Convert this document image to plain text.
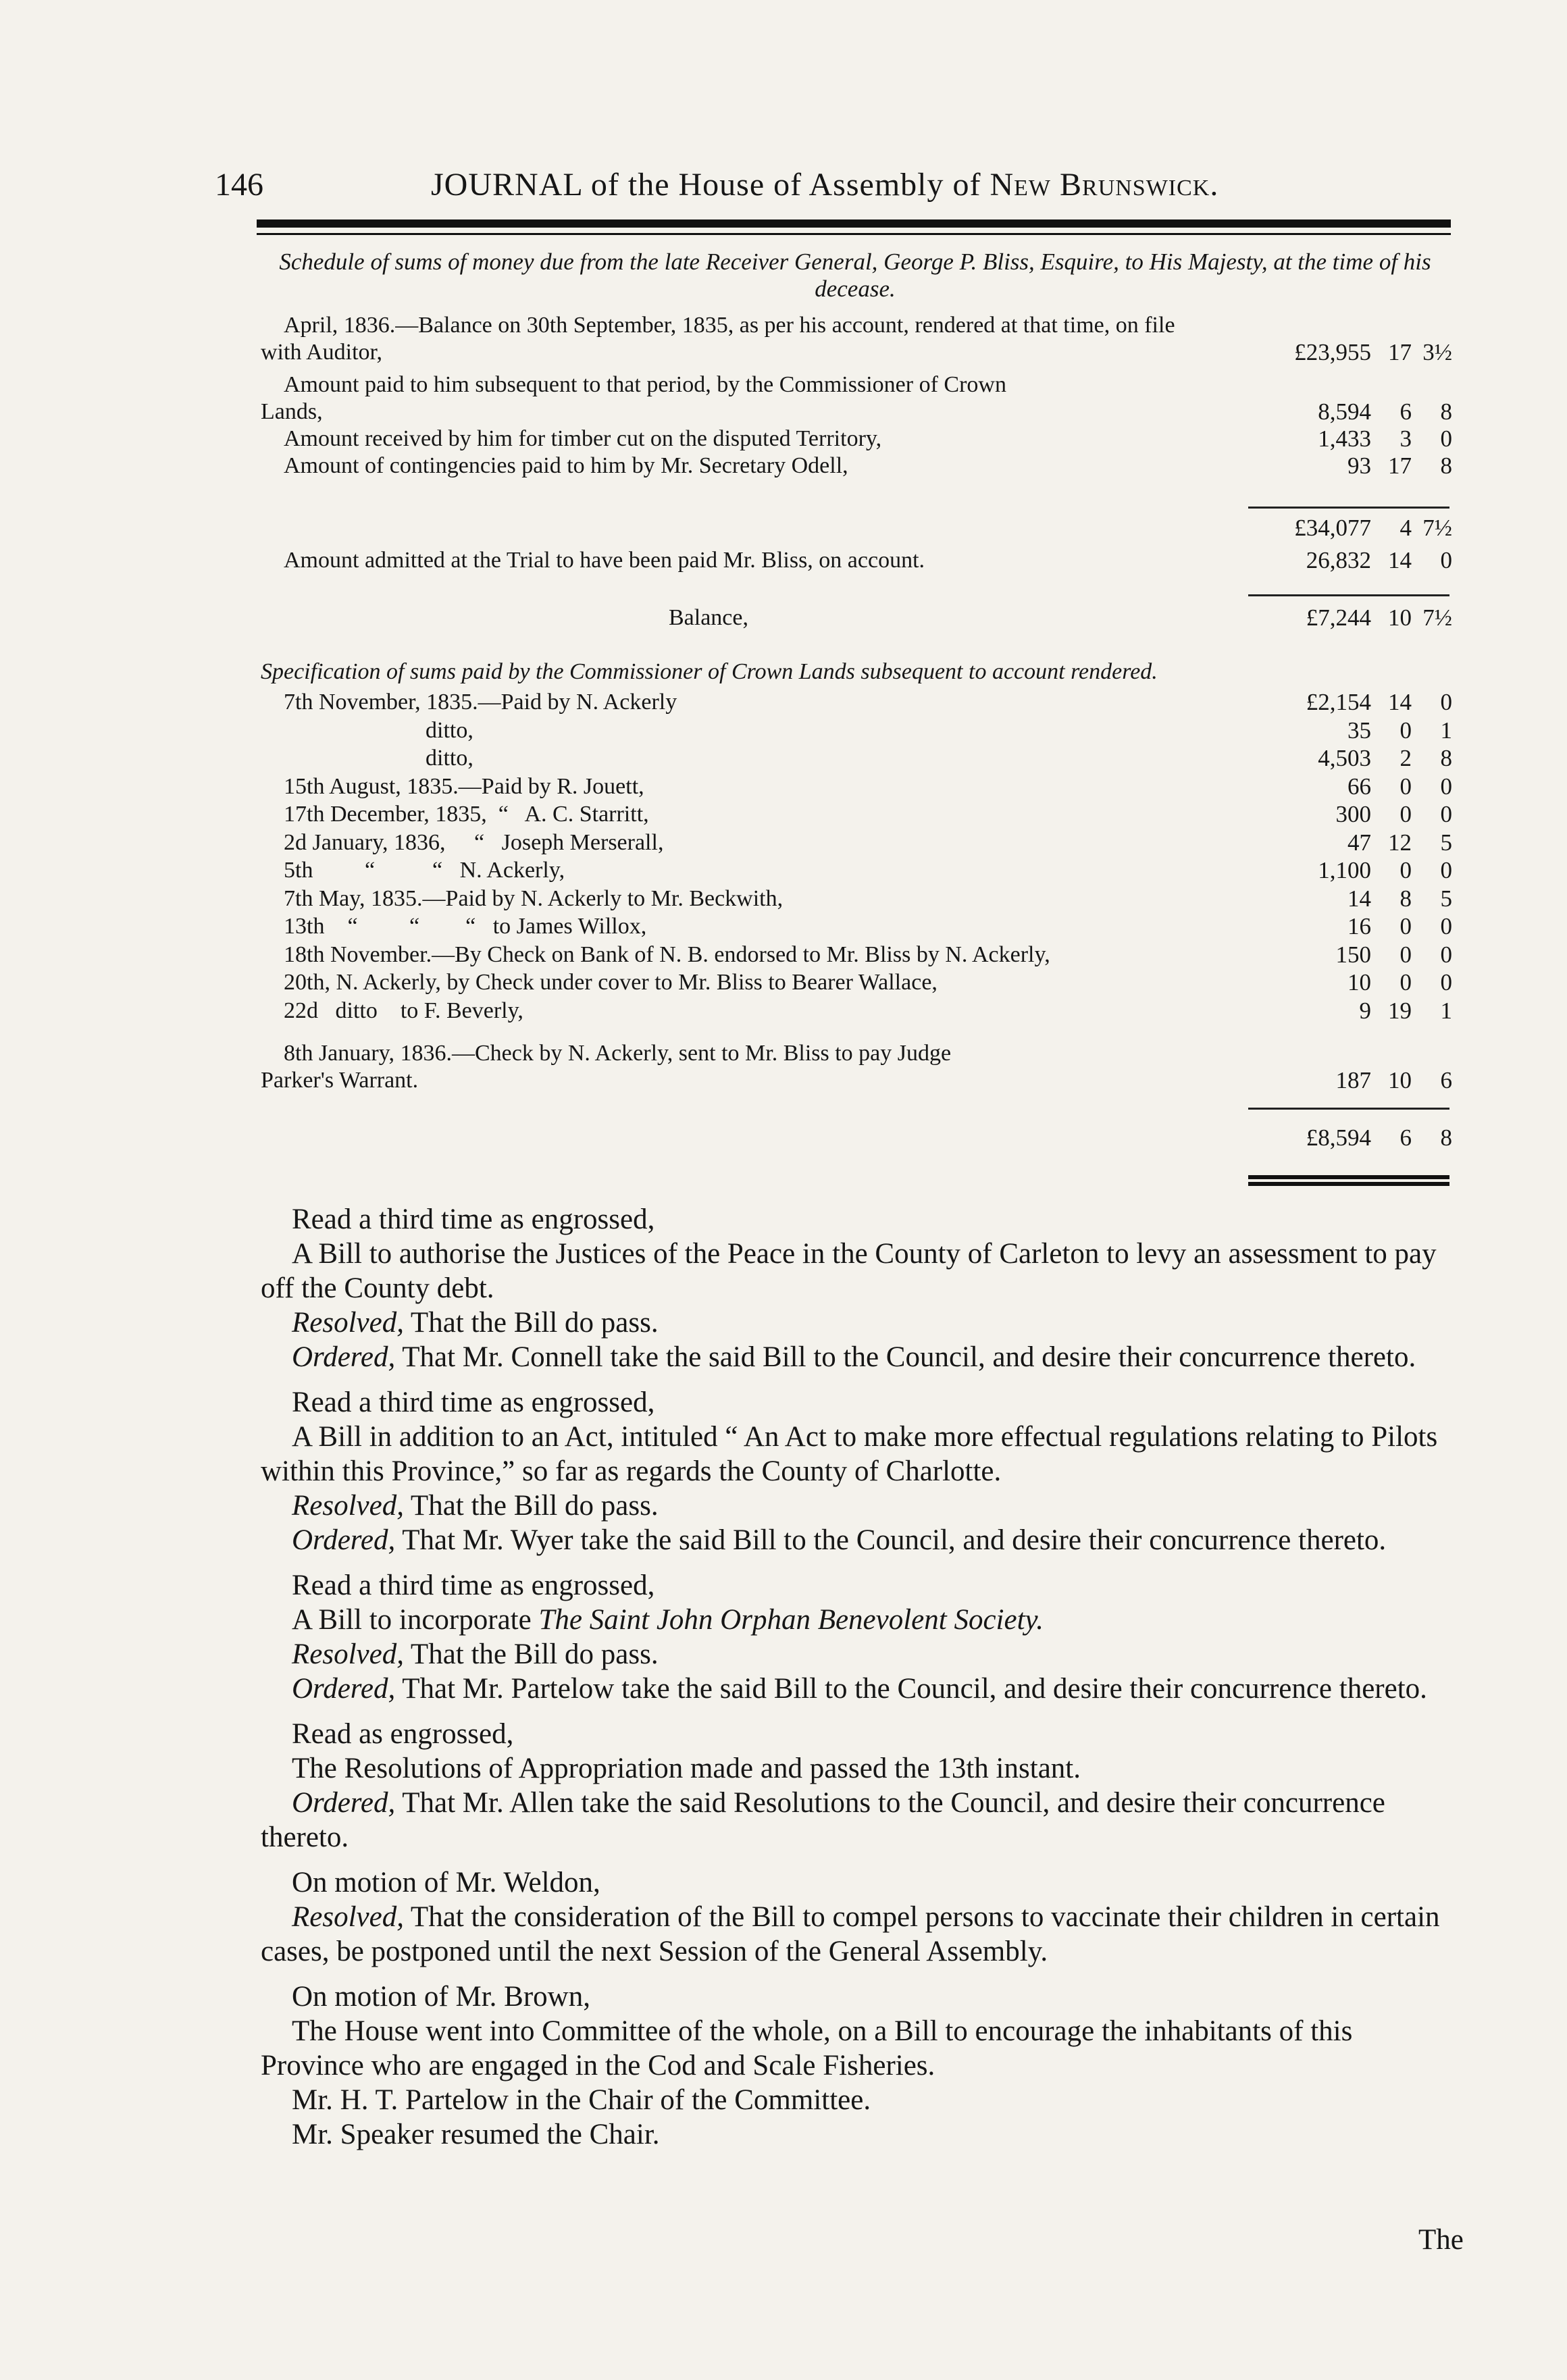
146	JOURNAL of the House of Assembly of New Brunswick.
Schedule of sums of money due from the late Receiver General, George P. Bliss, Esquire, to His Majesty, at the time of his decease.
April, 1836.—Balance on 30th September, 1835, as per his account, rendered at that time, on file
with Auditor,
Amount paid to him subsequent to that period, by the Commissioner of Crown
Lands,
Amount received by him for timber cut on the disputed Territory,
Amount of contingencies paid to him by Mr. Secretary Odell,
Amount admitted at the Trial to have been paid Mr. Bliss, on account.
Balance,
Specification of sums paid by the Commissioner of Crown Lands subsequent to account rendered.
7th November, 1835.—Paid by N. Ackerly
ditto,
ditto,
15th August, 1835.—Paid by R. Jouett,
17th December, 1835,  “   A. C. Starritt,
2d January, 1836,     “   Joseph Merserall,
5th         “          “   N. Ackerly,
7th May, 1835.—Paid by N. Ackerly to Mr. Beckwith,
13th    “         “        “   to James Willox,
18th November.—By Check on Bank of N. B. endorsed to Mr. Bliss by N. Ackerly,
20th, N. Ackerly, by Check under cover to Mr. Bliss to Bearer Wallace,
22d   ditto    to F. Beverly,
8th January, 1836.—Check by N. Ackerly, sent to Mr. Bliss to pay Judge
Parker's Warrant.
£23,955 17 3½
8,594 6 8
1,433 3 0
93 17 8
£34,077 4 7½
26,832 14 0
£7,244 10 7½
£2,154 14 0
35 0 1
4,503 2 8
66 0 0
300 0 0
47 12 5
1,100 0 0
14 8 5
16 0 0
150 0 0
10 0 0
9 19 1
187 10 6
£8,594 6 8

Read a third time as engrossed,

A Bill to authorise the Justices of the Peace in the County of Carleton to levy an assessment to pay off the County debt.

Resolved, That the Bill do pass.

Ordered, That Mr. Connell take the said Bill to the Council, and desire their concurrence thereto.

Read a third time as engrossed,

A Bill in addition to an Act, intituled “ An Act to make more effectual regulations relating to Pilots within this Province,” so far as regards the County of Charlotte.

Resolved, That the Bill do pass.

Ordered, That Mr. Wyer take the said Bill to the Council, and desire their concurrence thereto.

Read a third time as engrossed,

A Bill to incorporate The Saint John Orphan Benevolent Society.

Resolved, That the Bill do pass.

Ordered, That Mr. Partelow take the said Bill to the Council, and desire their concurrence thereto.

Read as engrossed,

The Resolutions of Appropriation made and passed the 13th instant.

Ordered, That Mr. Allen take the said Resolutions to the Council, and desire their concurrence thereto.

On motion of Mr. Weldon,

Resolved, That the consideration of the Bill to compel persons to vaccinate their children in certain cases, be postponed until the next Session of the General Assembly.

On motion of Mr. Brown,

The House went into Committee of the whole, on a Bill to encourage the inhabitants of this Province who are engaged in the Cod and Scale Fisheries.

Mr. H. T. Partelow in the Chair of the Committee.

Mr. Speaker resumed the Chair.

The
